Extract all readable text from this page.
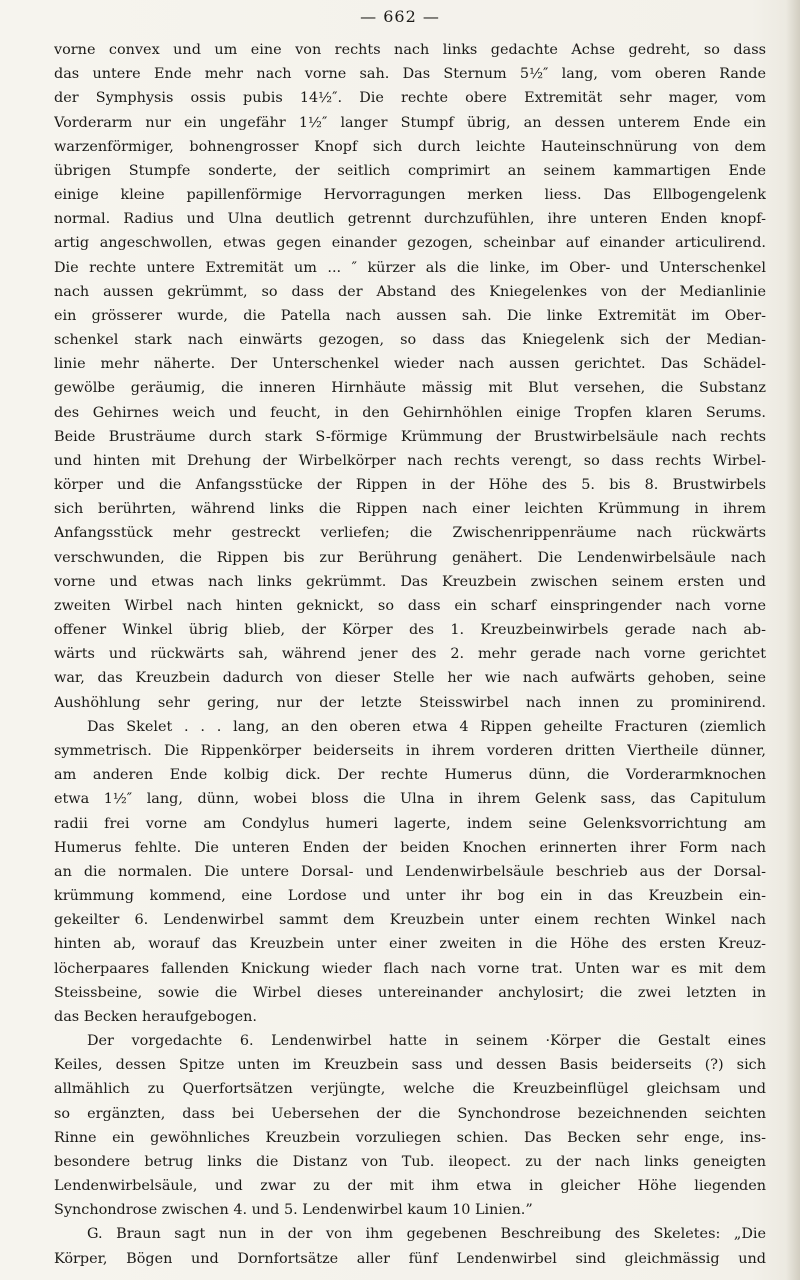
— 662 —
vorne convex und um eine von rechts nach links gedachte Achse gedreht, so dass
das untere Ende mehr nach vorne sah. Das Sternum 5½″ lang, vom oberen Rande
der Symphysis ossis pubis 14½″. Die rechte obere Extremität sehr mager, vom
Vorderarm nur ein ungefähr 1½″ langer Stumpf übrig, an dessen unterem Ende ein
warzenförmiger, bohnengrosser Knopf sich durch leichte Hauteinschnürung von dem
übrigen Stumpfe sonderte, der seitlich comprimirt an seinem kammartigen Ende
einige kleine papillenförmige Hervorragungen merken liess. Das Ellbogengelenk
normal. Radius und Ulna deutlich getrennt durchzufühlen, ihre unteren Enden knopf-
artig angeschwollen, etwas gegen einander gezogen, scheinbar auf einander articulirend.
Die rechte untere Extremität um ... ″ kürzer als die linke, im Ober- und Unterschenkel
nach aussen gekrümmt, so dass der Abstand des Kniegelenkes von der Medianlinie
ein grösserer wurde, die Patella nach aussen sah. Die linke Extremität im Ober-
schenkel stark nach einwärts gezogen, so dass das Kniegelenk sich der Median-
linie mehr näherte. Der Unterschenkel wieder nach aussen gerichtet. Das Schädel-
gewölbe geräumig, die inneren Hirnhäute mässig mit Blut versehen, die Substanz
des Gehirnes weich und feucht, in den Gehirnhöhlen einige Tropfen klaren Serums.
Beide Brusträume durch stark S-förmige Krümmung der Brustwirbelsäule nach rechts
und hinten mit Drehung der Wirbelkörper nach rechts verengt, so dass rechts Wirbel-
körper und die Anfangsstücke der Rippen in der Höhe des 5. bis 8. Brustwirbels
sich berührten, während links die Rippen nach einer leichten Krümmung in ihrem
Anfangsstück mehr gestreckt verliefen; die Zwischenrippenräume nach rückwärts
verschwunden, die Rippen bis zur Berührung genähert. Die Lendenwirbelsäule nach
vorne und etwas nach links gekrümmt. Das Kreuzbein zwischen seinem ersten und
zweiten Wirbel nach hinten geknickt, so dass ein scharf einspringender nach vorne
offener Winkel übrig blieb, der Körper des 1. Kreuzbeinwirbels gerade nach ab-
wärts und rückwärts sah, während jener des 2. mehr gerade nach vorne gerichtet
war, das Kreuzbein dadurch von dieser Stelle her wie nach aufwärts gehoben, seine
Aushöhlung sehr gering, nur der letzte Steisswirbel nach innen zu prominirend.
Das Skelet . . . lang, an den oberen etwa 4 Rippen geheilte Fracturen (ziemlich
symmetrisch. Die Rippenkörper beiderseits in ihrem vorderen dritten Viertheile dünner,
am anderen Ende kolbig dick. Der rechte Humerus dünn, die Vorderarmknochen
etwa 1½″ lang, dünn, wobei bloss die Ulna in ihrem Gelenk sass, das Capitulum
radii frei vorne am Condylus humeri lagerte, indem seine Gelenksvorrichtung am
Humerus fehlte. Die unteren Enden der beiden Knochen erinnerten ihrer Form nach
an die normalen. Die untere Dorsal- und Lendenwirbelsäule beschrieb aus der Dorsal-
krümmung kommend, eine Lordose und unter ihr bog ein in das Kreuzbein ein-
gekeilter 6. Lendenwirbel sammt dem Kreuzbein unter einem rechten Winkel nach
hinten ab, worauf das Kreuzbein unter einer zweiten in die Höhe des ersten Kreuz-
löcherpaares fallenden Knickung wieder flach nach vorne trat. Unten war es mit dem
Steissbeine, sowie die Wirbel dieses untereinander anchylosirt; die zwei letzten in
das Becken heraufgebogen.
Der vorgedachte 6. Lendenwirbel hatte in seinem ·Körper die Gestalt eines
Keiles, dessen Spitze unten im Kreuzbein sass und dessen Basis beiderseits (?) sich
allmählich zu Querfortsätzen verjüngte, welche die Kreuzbeinflügel gleichsam und
so ergänzten, dass bei Uebersehen der die Synchondrose bezeichnenden seichten
Rinne ein gewöhnliches Kreuzbein vorzuliegen schien. Das Becken sehr enge, ins-
besondere betrug links die Distanz von Tub. ileopect. zu der nach links geneigten
Lendenwirbelsäule, und zwar zu der mit ihm etwa in gleicher Höhe liegenden
Synchondrose zwischen 4. und 5. Lendenwirbel kaum 10 Linien.”
G. Braun sagt nun in der von ihm gegebenen Beschreibung des Skeletes: „Die
Körper, Bögen und Dornfortsätze aller fünf Lendenwirbel sind gleichmässig und
